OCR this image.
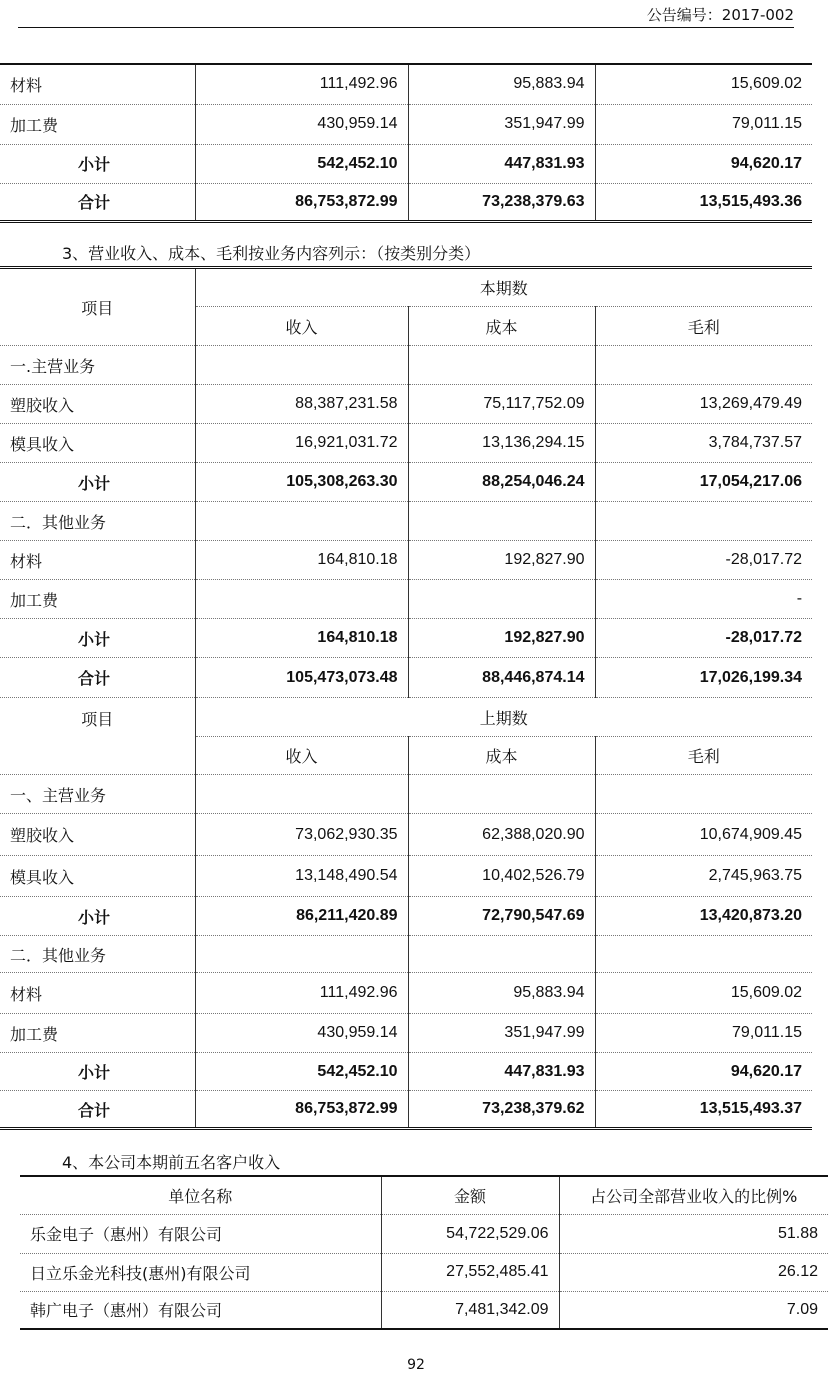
公告编号：2017-002
材料	111,492.96	95,883.94	15,609.02
加工费	430,959.14	351,947.99	79,011.15
小计	542,452.10	447,831.93	94,620.17
合计	86,753,872.99	73,238,379.63	13,515,493.36
3、营业收入、成本、毛利按业务内容列示：（按类别分类）
项目	本期数		
	收入	成本	毛利
一.主营业务			
塑胶收入	88,387,231.58	75,117,752.09	13,269,479.49
模具收入	16,921,031.72	13,136,294.15	3,784,737.57
小计	105,308,263.30	88,254,046.24	17,054,217.06
二．其他业务			
材料	164,810.18	192,827.90	-28,017.72
加工费			-
小计	164,810.18	192,827.90	-28,017.72
合计	105,473,073.48	88,446,874.14	17,026,199.34
项目	上期数		
	收入	成本	毛利
一、主营业务			
塑胶收入	73,062,930.35	62,388,020.90	10,674,909.45
模具收入	13,148,490.54	10,402,526.79	2,745,963.75
小计	86,211,420.89	72,790,547.69	13,420,873.20
二．其他业务			
材料	111,492.96	95,883.94	15,609.02
加工费	430,959.14	351,947.99	79,011.15
小计	542,452.10	447,831.93	94,620.17
合计	86,753,872.99	73,238,379.62	13,515,493.37
4、本公司本期前五名客户收入
单位名称	金额	占公司全部营业收入的比例%
乐金电子（惠州）有限公司	54,722,529.06	51.88
日立乐金光科技(惠州)有限公司	27,552,485.41	26.12
韩广电子（惠州）有限公司	7,481,342.09	7.09
92
